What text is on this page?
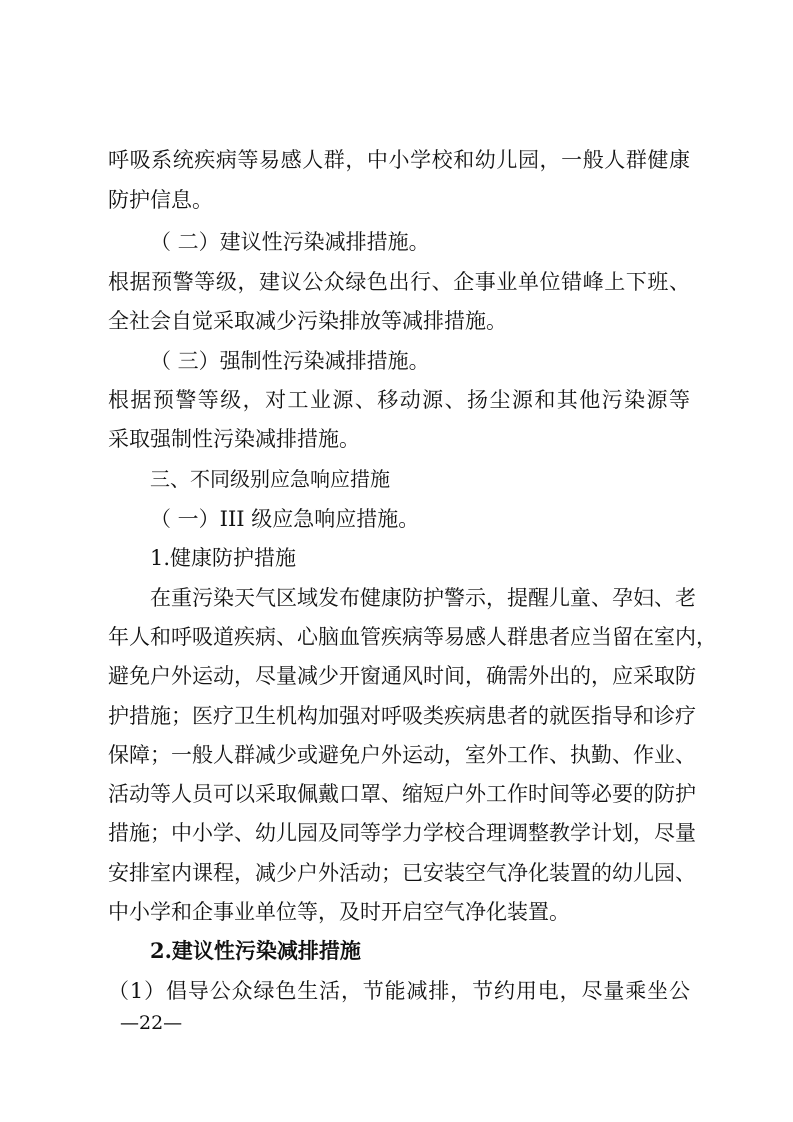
呼吸系统疾病等易感人群，中小学校和幼儿园，一般人群健康
防护信息。
（ 二）建议性污染减排措施。
根据预警等级，建议公众绿色出行、企事业单位错峰上下班、
全社会自觉采取减少污染排放等减排措施。
（ 三）强制性污染减排措施。
根据预警等级，对工业源、移动源、扬尘源和其他污染源等
采取强制性污染减排措施。
三、不同级别应急响应措施
（ 一）III 级应急响应措施。
1.健康防护措施
在重污染天气区域发布健康防护警示，提醒儿童、孕妇、老
年人和呼吸道疾病、心脑血管疾病等易感人群患者应当留在室内，
避免户外运动，尽量减少开窗通风时间，确需外出的，应采取防
护措施；医疗卫生机构加强对呼吸类疾病患者的就医指导和诊疗
保障；一般人群减少或避免户外运动，室外工作、执勤、作业、
活动等人员可以采取佩戴口罩、缩短户外工作时间等必要的防护
措施；中小学、幼儿园及同等学力学校合理调整教学计划，尽量
安排室内课程，减少户外活动；已安装空气净化装置的幼儿园、
中小学和企事业单位等，及时开启空气净化装置。
2.建议性污染减排措施
（1）倡导公众绿色生活，节能减排，节约用电，尽量乘坐公
—22—
